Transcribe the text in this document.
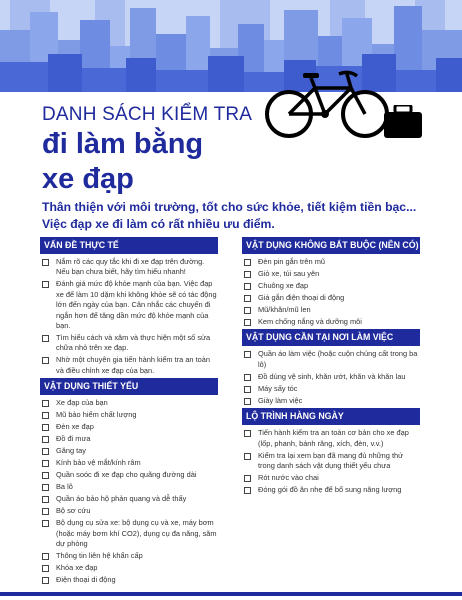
DANH SÁCH KIỂM TRA
đi làm bằng
xe đạp
Thân thiện với môi trường, tốt cho sức khỏe, tiết kiệm tiền bạc...
Việc đạp xe đi làm có rất nhiều ưu điểm.
VẤN ĐỀ THỰC TẾ
Nắm rõ các quy tắc khi đi xe đạp trên đường. Nếu bạn chưa biết, hãy tìm hiểu nhanh!
Đánh giá mức độ khỏe mạnh của bạn. Việc đạp xe để làm 10 dặm khi không khỏe sẽ có tác động lớn đến ngày của bạn. Cân nhắc các chuyến đi ngắn hơn để tăng dần mức độ khỏe mạnh của bạn.
Tìm hiểu cách và xăm và thực hiện một số sửa chữa nhỏ trên xe đạp.
Nhờ một chuyên gia tiến hành kiểm tra an toàn và điều chỉnh xe đạp của bạn.
VẬT DỤNG THIẾT YẾU
Xe đạp của bạn
Mũ bảo hiểm chất lượng
Đèn xe đạp
Đồ đi mưa
Găng tay
Kính bảo vệ mắt/kính râm
Quần soóc đi xe đạp cho quãng đường dài
Ba lô
Quần áo bảo hộ phản quang và dễ thấy
Bộ sơ cứu
Bộ dụng cụ sửa xe: bộ dụng cụ và xe, máy bơm (hoặc máy bơm khí CO2), dụng cụ đa năng, săm dự phòng
Thông tin liên hệ khẩn cấp
Khóa xe đạp
Điện thoại di động
VẬT DỤNG KHÔNG BẮT BUỘC (NÊN CÓ)
Đèn pin gắn trên mũ
Giỏ xe, túi sau yên
Chuông xe đạp
Giá gắn điện thoại di động
Mũ/khăn/mũ len
Kem chống nắng và dưỡng môi
VẬT DỤNG CẦN TẠI NƠI LÀM VIỆC
Quần áo làm việc (hoặc cuộn chúng cất trong ba lô)
Đồ dùng vệ sinh, khăn ướt, khăn và khăn lau
Máy sấy tóc
Giày làm việc
LỘ TRÌNH HÀNG NGÀY
Tiến hành kiểm tra an toàn cơ bản cho xe đạp (lốp, phanh, bánh răng, xích, đèn, v.v.)
Kiểm tra lại xem bạn đã mang đủ những thứ trong danh sách vật dụng thiết yếu chưa
Rót nước vào chai
Đóng gói đồ ăn nhẹ để bổ sung năng lượng
